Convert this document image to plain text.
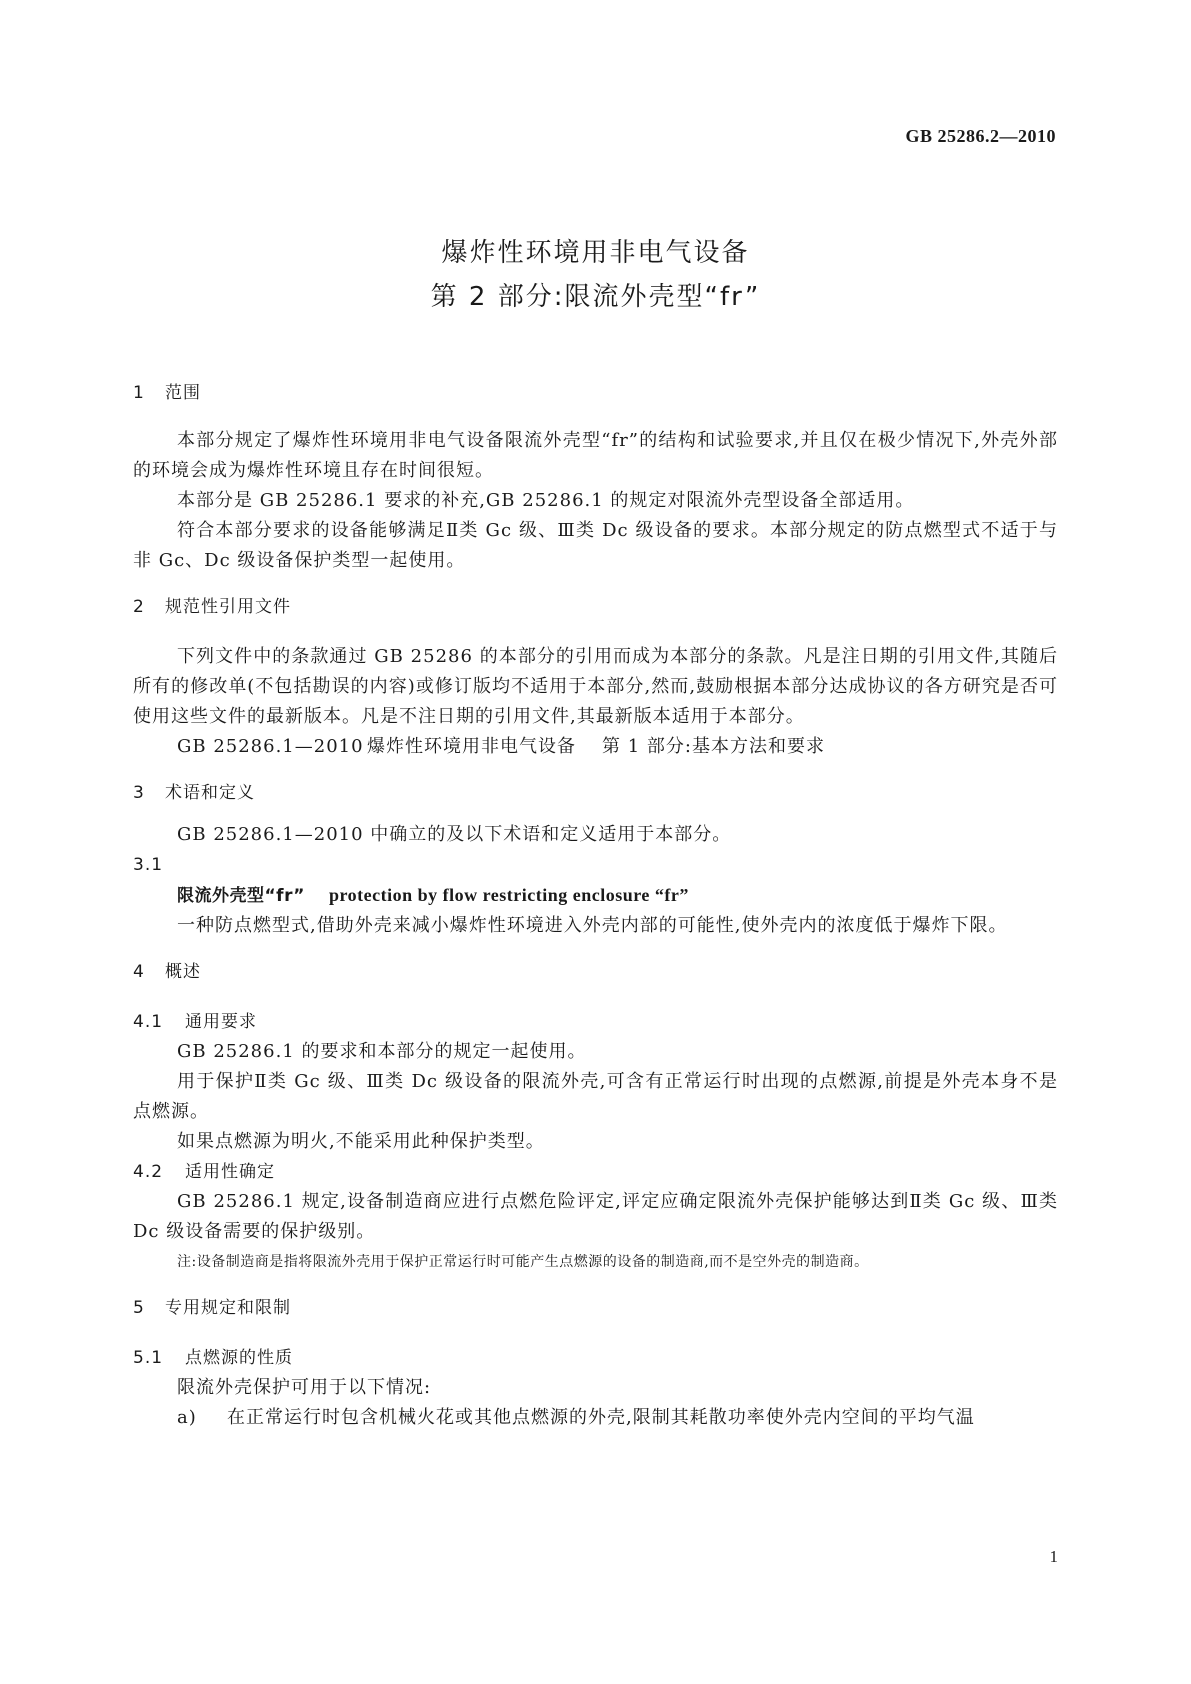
GB 25286.2—2010
爆炸性环境用非电气设备
第 2 部分:限流外壳型“fr”

1 范围

本部分规定了爆炸性环境用非电气设备限流外壳型“fr”的结构和试验要求,并且仅在极少情况下,外壳外部的环境会成为爆炸性环境且存在时间很短。

本部分是 GB 25286.1 要求的补充,GB 25286.1 的规定对限流外壳型设备全部适用。

符合本部分要求的设备能够满足Ⅱ类 Gc 级、Ⅲ类 Dc 级设备的要求。本部分规定的防点燃型式不适于与非 Gc、Dc 级设备保护类型一起使用。

2 规范性引用文件

下列文件中的条款通过 GB 25286 的本部分的引用而成为本部分的条款。凡是注日期的引用文件,其随后所有的修改单(不包括勘误的内容)或修订版均不适用于本部分,然而,鼓励根据本部分达成协议的各方研究是否可使用这些文件的最新版本。凡是不注日期的引用文件,其最新版本适用于本部分。

GB 25286.1—2010 爆炸性环境用非电气设备 第 1 部分:基本方法和要求

3 术语和定义

GB 25286.1—2010 中确立的及以下术语和定义适用于本部分。

3.1

限流外壳型“fr” protection by flow restricting enclosure “fr”

一种防点燃型式,借助外壳来减小爆炸性环境进入外壳内部的可能性,使外壳内的浓度低于爆炸下限。

4 概述

4.1 通用要求

GB 25286.1 的要求和本部分的规定一起使用。

用于保护Ⅱ类 Gc 级、Ⅲ类 Dc 级设备的限流外壳,可含有正常运行时出现的点燃源,前提是外壳本身不是点燃源。

如果点燃源为明火,不能采用此种保护类型。

4.2 适用性确定

GB 25286.1 规定,设备制造商应进行点燃危险评定,评定应确定限流外壳保护能够达到Ⅱ类 Gc 级、Ⅲ类 Dc 级设备需要的保护级别。

注:设备制造商是指将限流外壳用于保护正常运行时可能产生点燃源的设备的制造商,而不是空外壳的制造商。

5 专用规定和限制

5.1 点燃源的性质

限流外壳保护可用于以下情况:

a) 在正常运行时包含机械火花或其他点燃源的外壳,限制其耗散功率使外壳内空间的平均气温

1
